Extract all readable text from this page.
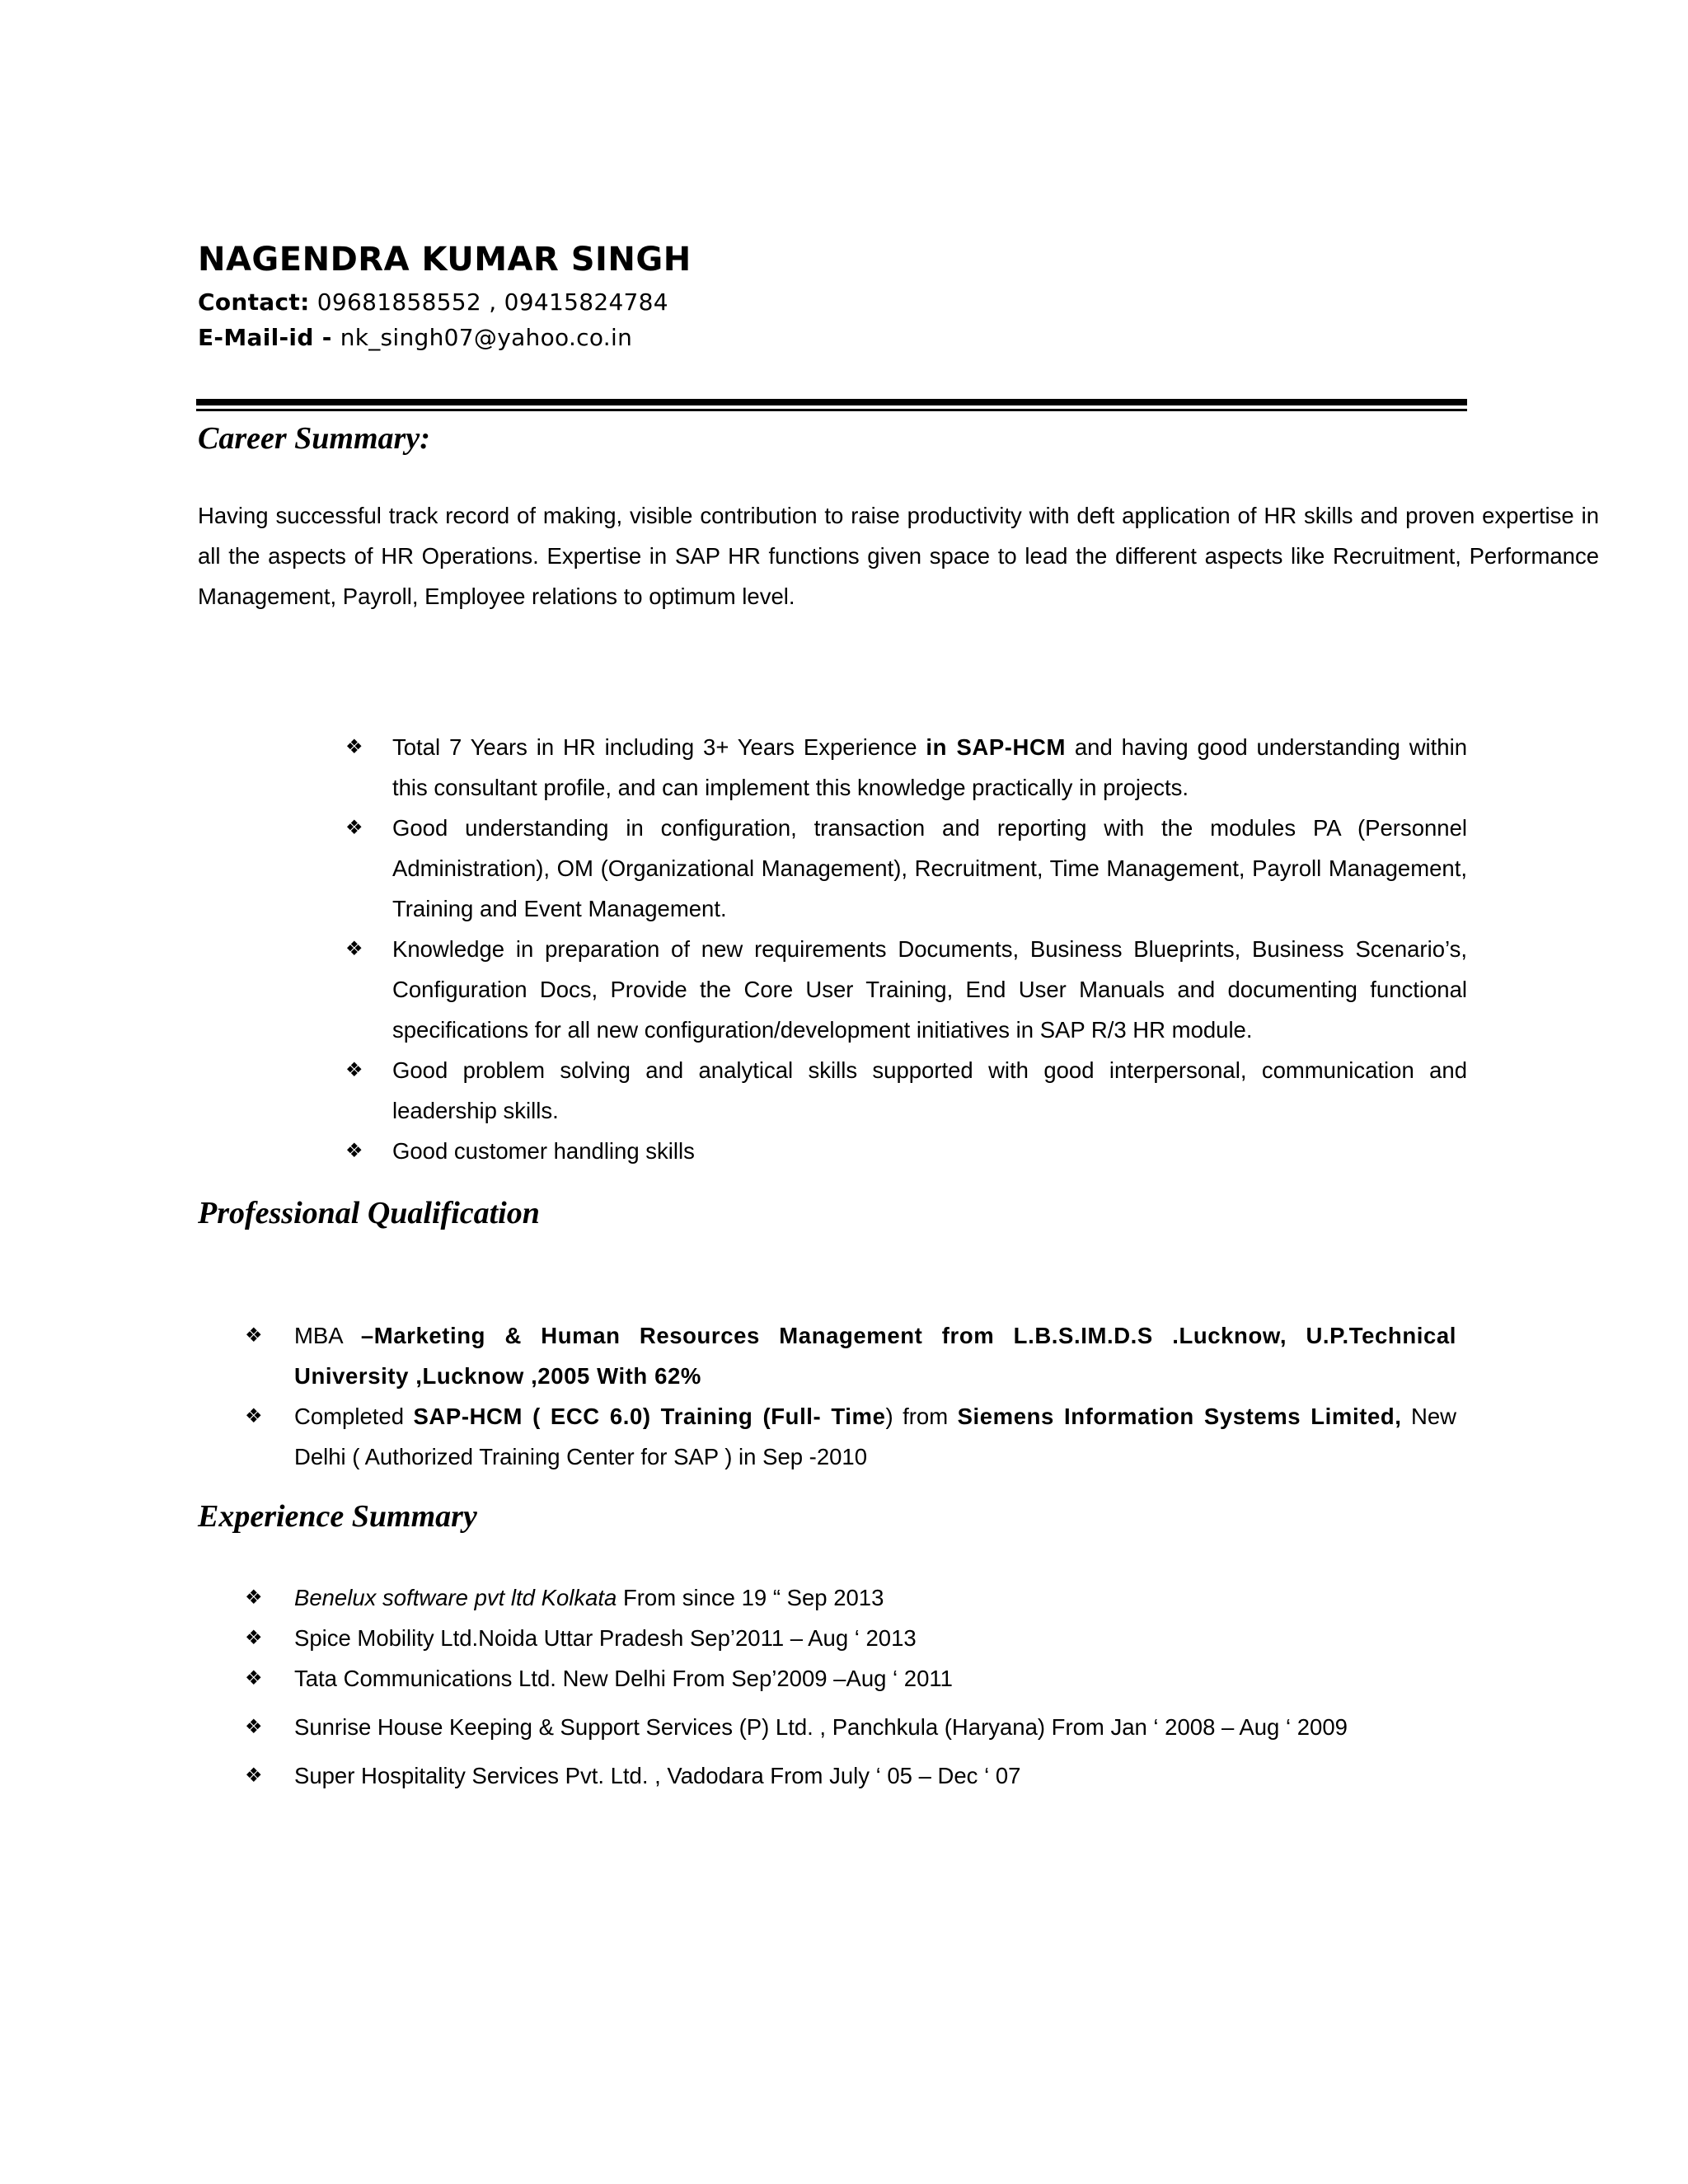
NAGENDRA KUMAR SINGH
Contact: 09681858552 , 09415824784
E-Mail-id - nk_singh07@yahoo.co.in
Career Summary:
Having successful track record of making, visible contribution to raise productivity with deft application of HR skills and proven expertise in all the aspects of HR Operations. Expertise in SAP HR functions given space to lead the different aspects like Recruitment, Performance Management, Payroll, Employee relations to optimum level.
❖ Total 7 Years in HR including 3+ Years Experience in SAP-HCM and having good understanding within this consultant profile, and can implement this knowledge practically in projects.
❖ Good understanding in configuration, transaction and reporting with the modules PA (Personnel Administration), OM (Organizational Management), Recruitment, Time Management, Payroll Management, Training and Event Management.
❖ Knowledge in preparation of new requirements Documents, Business Blueprints, Business Scenario’s, Configuration Docs, Provide the Core User Training, End User Manuals and documenting functional specifications for all new configuration/development initiatives in SAP R/3 HR module.
❖ Good problem solving and analytical skills supported with good interpersonal, communication and leadership skills.
❖ Good customer handling skills
Professional Qualification
❖ MBA –Marketing & Human Resources Management from L.B.S.IM.D.S .Lucknow, U.P.Technical University ,Lucknow ,2005 With 62%
❖ Completed SAP-HCM ( ECC 6.0) Training (Full- Time) from Siemens Information Systems Limited, New Delhi ( Authorized Training Center for SAP ) in Sep -2010
Experience Summary
❖ Benelux software pvt ltd Kolkata From since 19 “ Sep 2013
❖ Spice Mobility Ltd.Noida Uttar Pradesh Sep’2011 – Aug ‘ 2013
❖ Tata Communications Ltd. New Delhi From Sep’2009 –Aug ‘ 2011
❖ Sunrise House Keeping & Support Services (P) Ltd. , Panchkula (Haryana) From Jan ‘ 2008 – Aug ‘ 2009
❖ Super Hospitality Services Pvt. Ltd. , Vadodara From July ‘ 05 – Dec ‘ 07
